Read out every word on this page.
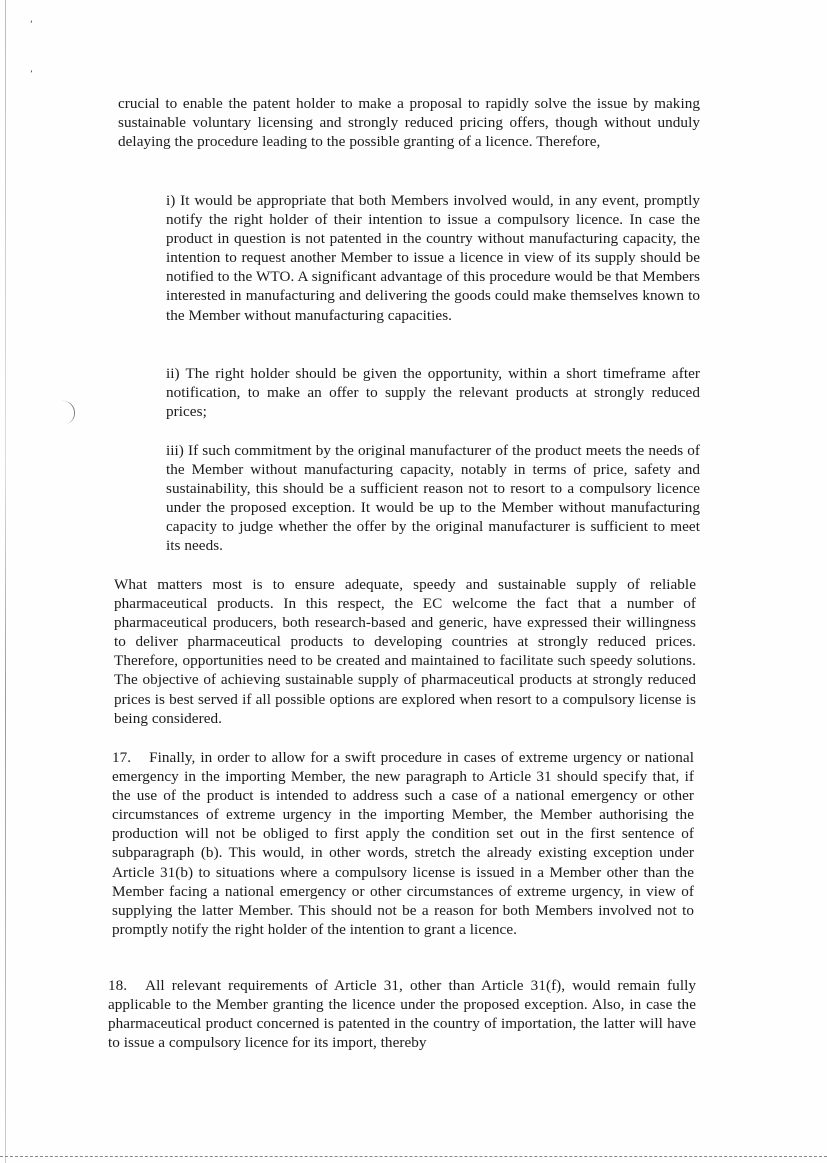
‘
’

crucial to enable the patent holder to make a proposal to rapidly solve the issue by making sustainable voluntary licensing and strongly reduced pricing offers, though without unduly delaying the procedure leading to the possible granting of a licence. Therefore,

i) It would be appropriate that both Members involved would, in any event, promptly notify the right holder of their intention to issue a compulsory licence. In case the product in question is not patented in the country without manufacturing capacity, the intention to request another Member to issue a licence in view of its supply should be notified to the WTO. A significant advantage of this procedure would be that Members interested in manufacturing and delivering the goods could make themselves known to the Member without manufacturing capacities.

ii) The right holder should be given the opportunity, within a short timeframe after notification, to make an offer to supply the relevant products at strongly reduced prices;

iii) If such commitment by the original manufacturer of the product meets the needs of the Member without manufacturing capacity, notably in terms of price, safety and sustainability, this should be a sufficient reason not to resort to a compulsory licence under the proposed exception. It would be up to the Member without manufacturing capacity to judge whether the offer by the original manufacturer is sufficient to meet its needs.

What matters most is to ensure adequate, speedy and sustainable supply of reliable pharmaceutical products. In this respect, the EC welcome the fact that a number of pharmaceutical producers, both research-based and generic, have expressed their willingness to deliver pharmaceutical products to developing countries at strongly reduced prices. Therefore, opportunities need to be created and maintained to facilitate such speedy solutions. The objective of achieving sustainable supply of pharmaceutical products at strongly reduced prices is best served if all possible options are explored when resort to a compulsory license is being considered.

17. Finally, in order to allow for a swift procedure in cases of extreme urgency or national emergency in the importing Member, the new paragraph to Article 31 should specify that, if the use of the product is intended to address such a case of a national emergency or other circumstances of extreme urgency in the importing Member, the Member authorising the production will not be obliged to first apply the condition set out in the first sentence of subparagraph (b). This would, in other words, stretch the already existing exception under Article 31(b) to situations where a compulsory license is issued in a Member other than the Member facing a national emergency or other circumstances of extreme urgency, in view of supplying the latter Member. This should not be a reason for both Members involved not to promptly notify the right holder of the intention to grant a licence.

18. All relevant requirements of Article 31, other than Article 31(f), would remain fully applicable to the Member granting the licence under the proposed exception. Also, in case the pharmaceutical product concerned is patented in the country of importation, the latter will have to issue a compulsory licence for its import, thereby
